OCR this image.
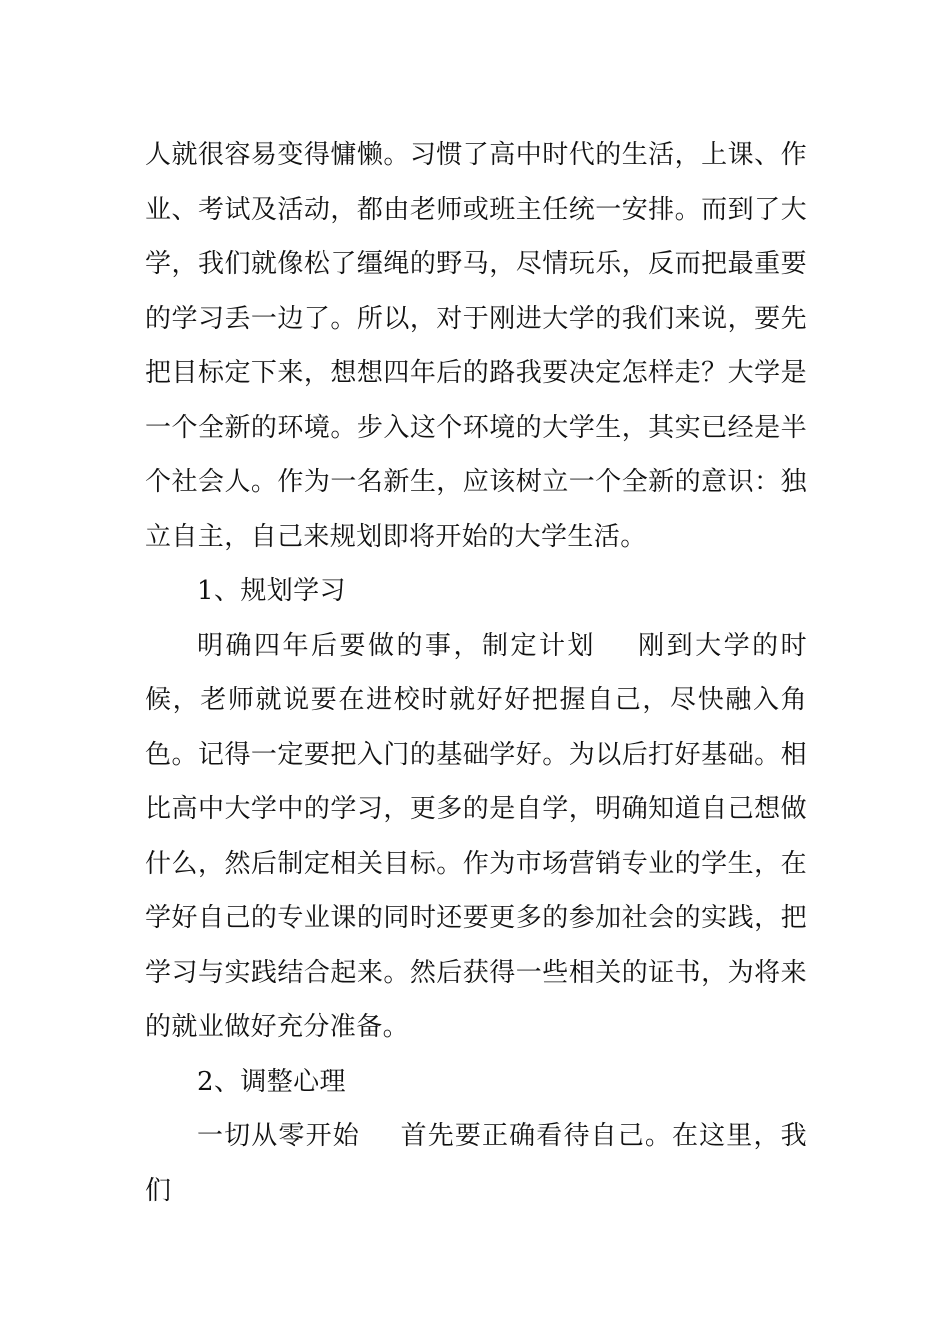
人就很容易变得慵懒。习惯了高中时代的生活，上课、作业、考试及活动，都由老师或班主任统一安排。而到了大学，我们就像松了缰绳的野马，尽情玩乐，反而把最重要的学习丢一边了。所以，对于刚进大学的我们来说，要先把目标定下来，想想四年后的路我要决定怎样走？大学是一个全新的环境。步入这个环境的大学生，其实已经是半个社会人。作为一名新生，应该树立一个全新的意识：独立自主，自己来规划即将开始的大学生活。

1、规划学习

明确四年后要做的事，制定计划 刚到大学的时候，老师就说要在进校时就好好把握自己，尽快融入角色。记得一定要把入门的基础学好。为以后打好基础。相比高中大学中的学习，更多的是自学，明确知道自己想做什么，然后制定相关目标。作为市场营销专业的学生，在学好自己的专业课的同时还要更多的参加社会的实践，把学习与实践结合起来。然后获得一些相关的证书，为将来的就业做好充分准备。

2、调整心理

一切从零开始 首先要正确看待自己。在这里，我们
